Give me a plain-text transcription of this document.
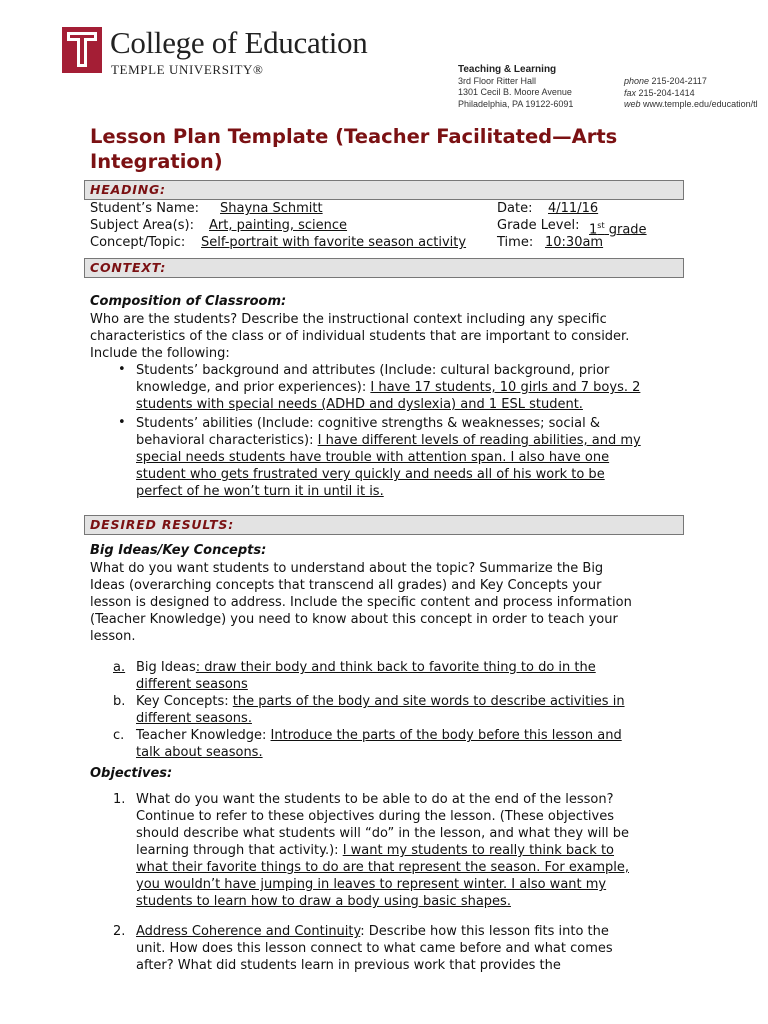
College of Education
TEMPLE UNIVERSITY®	Teaching & Learning
3rd Floor Ritter Hall
1301 Cecil B. Moore Avenue
Philadelphia, PA 19122-6091
phone 215-204-2117
fax 215-204-1414
web www.temple.edu/education/tl
Lesson Plan Template (Teacher Facilitated—Arts
Integration)
HEADING:
Student’s Name: Shayna Schmitt	Date: 4/11/16
Subject Area(s): Art, painting, science	Grade Level: 1st grade
Concept/Topic: Self-portrait with favorite season activity Time: 10:30am
CONTEXT:
Composition of Classroom:
Who are the students? Describe the instructional context including any specific
characteristics of the class or of individual students that are important to consider.
Include the following:
• Students’ background and attributes (Include: cultural background, prior
knowledge, and prior experiences): I have 17 students, 10 girls and 7 boys. 2
students with special needs (ADHD and dyslexia) and 1 ESL student.
• Students’ abilities (Include: cognitive strengths & weaknesses; social &
behavioral characteristics): I have different levels of reading abilities, and my
special needs students have trouble with attention span. I also have one
student who gets frustrated very quickly and needs all of his work to be
perfect of he won’t turn it in until it is.
DESIRED RESULTS:
Big Ideas/Key Concepts:
What do you want students to understand about the topic? Summarize the Big
Ideas (overarching concepts that transcend all grades) and Key Concepts your
lesson is designed to address. Include the specific content and process information
(Teacher Knowledge) you need to know about this concept in order to teach your
lesson.
a. Big Ideas: draw their body and think back to favorite thing to do in the
different seasons
b. Key Concepts: the parts of the body and site words to describe activities in
different seasons.
c. Teacher Knowledge: Introduce the parts of the body before this lesson and
talk about seasons.
Objectives:
1. What do you want the students to be able to do at the end of the lesson?
Continue to refer to these objectives during the lesson. (These objectives
should describe what students will “do” in the lesson, and what they will be
learning through that activity.): I want my students to really think back to
what their favorite things to do are that represent the season. For example,
you wouldn’t have jumping in leaves to represent winter. I also want my
students to learn how to draw a body using basic shapes.
2. Address Coherence and Continuity: Describe how this lesson fits into the
unit. How does this lesson connect to what came before and what comes
after? What did students learn in previous work that provides the
